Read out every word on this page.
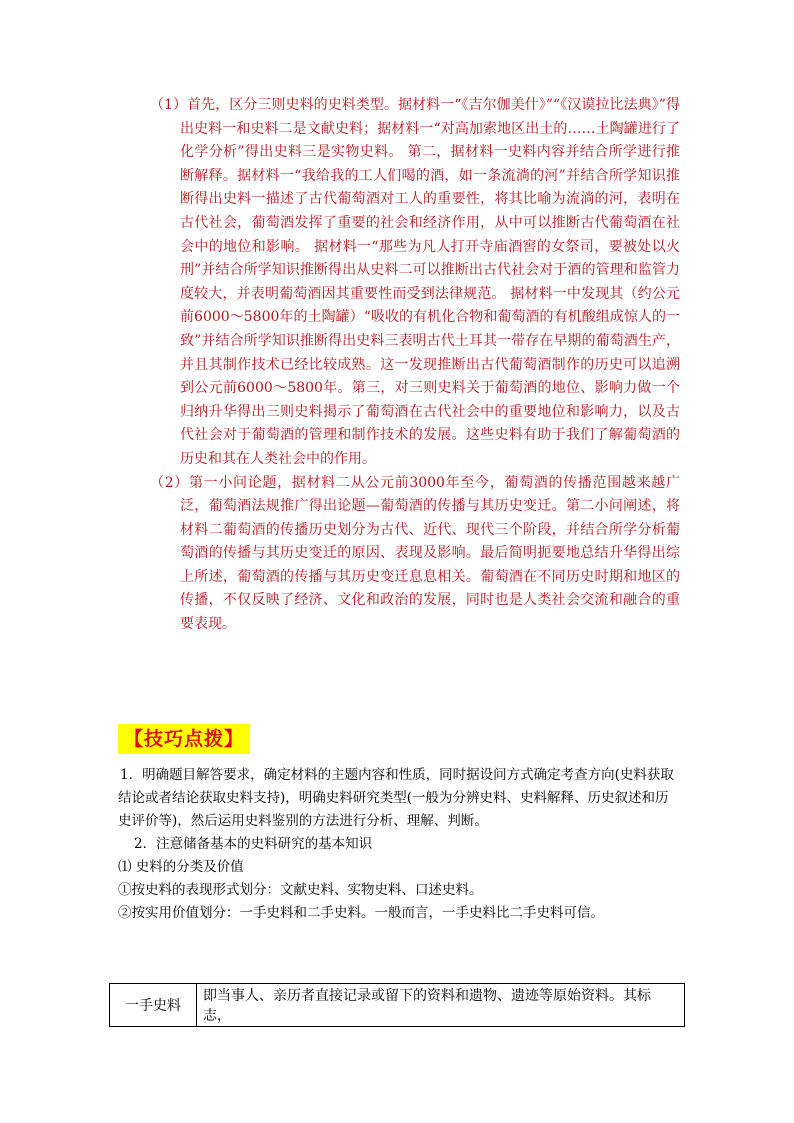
（1）首先，区分三则史料的史料类型。据材料一“《吉尔伽美什》”“《汉谟拉比法典》”得出史料一和史料二是文献史料；据材料一“对高加索地区出土的……土陶罐进行了化学分析”得出史料三是实物史料。 第二，据材料一史料内容并结合所学进行推断解释。据材料一“我给我的工人们喝的酒，如一条流淌的河”并结合所学知识推断得出史料一描述了古代葡萄酒对工人的重要性，将其比喻为流淌的河，表明在古代社会，葡萄酒发挥了重要的社会和经济作用，从中可以推断古代葡萄酒在社会中的地位和影响。 据材料一“那些为凡人打开寺庙酒窖的女祭司，要被处以火刑”并结合所学知识推断得出从史料二可以推断出古代社会对于酒的管理和监管力度较大，并表明葡萄酒因其重要性而受到法律规范。 据材料一中发现其（约公元前6000～5800年的土陶罐）“吸收的有机化合物和葡萄酒的有机酸组成惊人的一致”并结合所学知识推断得出史料三表明古代土耳其一带存在早期的葡萄酒生产，并且其制作技术已经比较成熟。这一发现推断出古代葡萄酒制作的历史可以追溯到公元前6000～5800年。第三，对三则史料关于葡萄酒的地位、影响力做一个归纳升华得出三则史料揭示了葡萄酒在古代社会中的重要地位和影响力，以及古代社会对于葡萄酒的管理和制作技术的发展。这些史料有助于我们了解葡萄酒的历史和其在人类社会中的作用。

（2）第一小问论题，据材料二从公元前3000年至今，葡萄酒的传播范围越来越广泛，葡萄酒法规推广得出论题—葡萄酒的传播与其历史变迁。第二小问阐述，将材料二葡萄酒的传播历史划分为古代、近代、现代三个阶段，并结合所学分析葡萄酒的传播与其历史变迁的原因、表现及影响。最后简明扼要地总结升华得出综上所述，葡萄酒的传播与其历史变迁息息相关。葡萄酒在不同历史时期和地区的传播，不仅反映了经济、文化和政治的发展，同时也是人类社会交流和融合的重要表现。

【技巧点拨】

1．明确题目解答要求，确定材料的主题内容和性质，同时据设问方式确定考查方向(史料获取结论或者结论获取史料支持)，明确史料研究类型(一般为分辨史料、史料解释、历史叙述和历史评价等)，然后运用史料鉴别的方法进行分析、理解、判断。

2．注意储备基本的史料研究的基本知识

⑴ 史料的分类及价值

①按史料的表现形式划分：文献史料、实物史料、口述史料。

②按实用价值划分：一手史料和二手史料。一般而言，一手史料比二手史料可信。

一手史料	即当事人、亲历者直接记录或留下的资料和遗物、遗迹等原始资料。其标志，
